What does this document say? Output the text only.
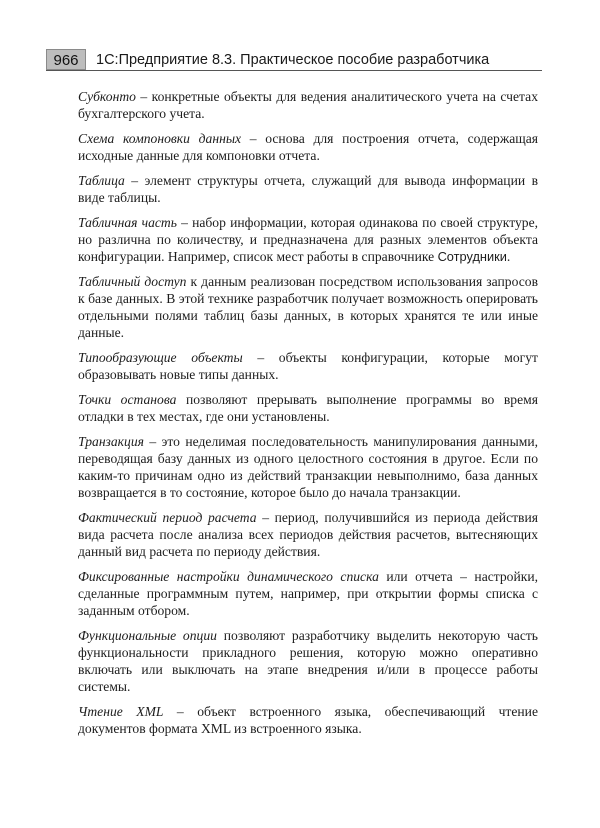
966	1С:Предприятие 8.3. Практическое пособие разработчика

Субконто – конкретные объекты для ведения аналитического учета на счетах бухгалтерского учета.

Схема компоновки данных – основа для построения отчета, содержащая исходные данные для компоновки отчета.

Таблица – элемент структуры отчета, служащий для вывода информации в виде таблицы.

Табличная часть – набор информации, которая одинакова по своей структуре, но различна по количеству, и предназначена для разных элементов объекта конфигурации. Например, список мест работы в справочнике Сотрудники.

Табличный доступ к данным реализован посредством использования запросов к базе данных. В этой технике разработчик получает возможность оперировать отдельными полями таблиц базы данных, в которых хранятся те или иные данные.

Типообразующие объекты – объекты конфигурации, которые могут образовывать новые типы данных.

Точки останова позволяют прерывать выполнение программы во время отладки в тех местах, где они установлены.

Транзакция – это неделимая последовательность манипулирования данными, переводящая базу данных из одного целостного состояния в другое. Если по каким-то причинам одно из действий транзакции невыполнимо, база данных возвращается в то состояние, которое было до начала транзакции.

Фактический период расчета – период, получившийся из периода действия вида расчета после анализа всех периодов действия расчетов, вытесняющих данный вид расчета по периоду действия.

Фиксированные настройки динамического списка или отчета – настройки, сделанные программным путем, например, при открытии формы списка с заданным отбором.

Функциональные опции позволяют разработчику выделить некоторую часть функциональности прикладного решения, которую можно оперативно включать или выключать на этапе внедрения и/или в процессе работы системы.

Чтение XML – объект встроенного языка, обеспечивающий чтение документов формата XML из встроенного языка.
